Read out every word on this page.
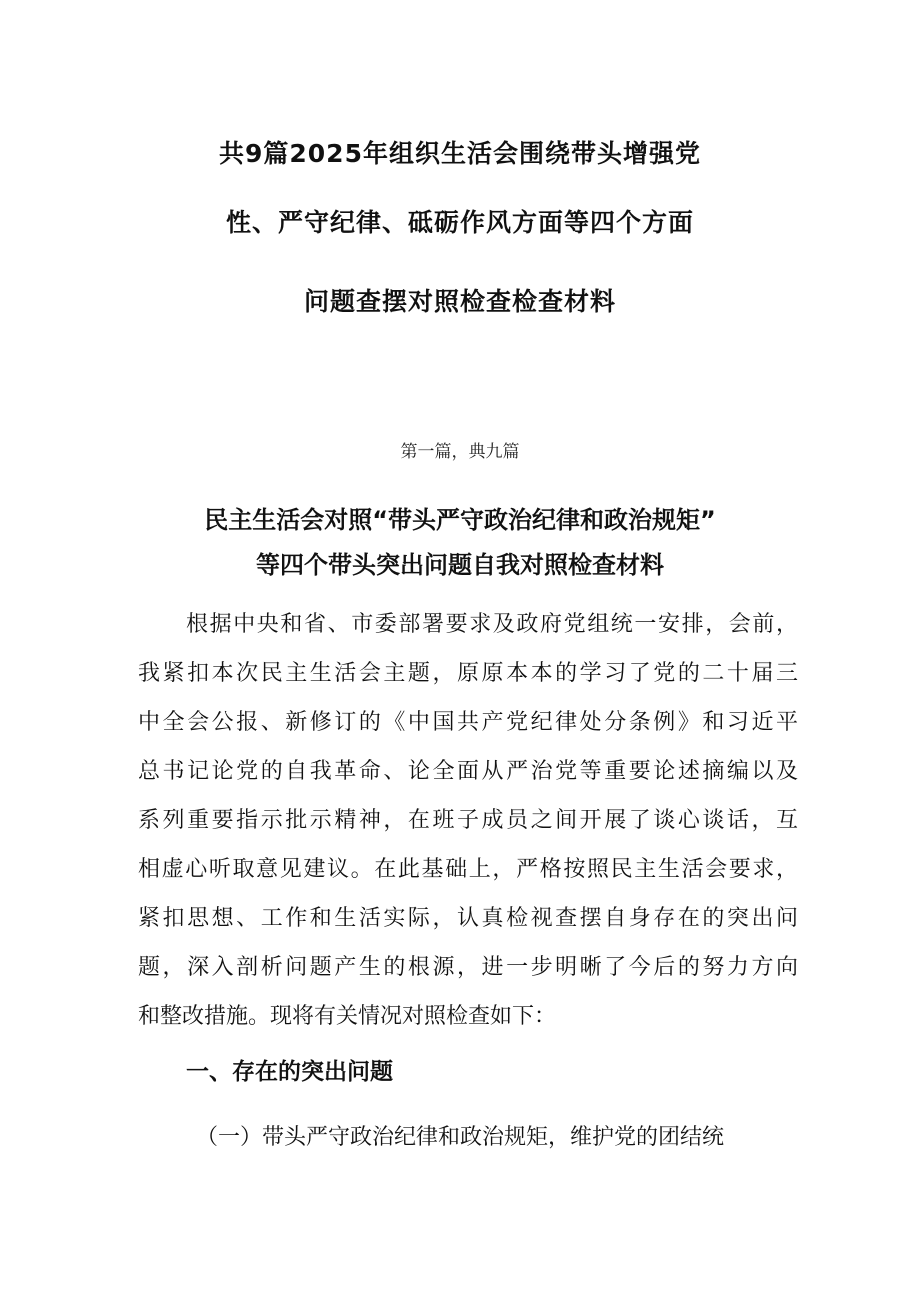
共9篇2025年组织生活会围绕带头增强党
性、严守纪律、砥砺作风方面等四个方面
问题查摆对照检查检查材料

第一篇，典九篇

民主生活会对照“带头严守政治纪律和政治规矩”
等四个带头突出问题自我对照检查材料

根据中央和省、市委部署要求及政府党组统一安排，会前，

我紧扣本次民主生活会主题，原原本本的学习了党的二十届三

中全会公报、新修订的《中国共产党纪律处分条例》和习近平

总书记论党的自我革命、论全面从严治党等重要论述摘编以及

系列重要指示批示精神，在班子成员之间开展了谈心谈话，互

相虚心听取意见建议。在此基础上，严格按照民主生活会要求，

紧扣思想、工作和生活实际，认真检视查摆自身存在的突出问

题，深入剖析问题产生的根源，进一步明晰了今后的努力方向

和整改措施。现将有关情况对照检查如下：

一、存在的突出问题

（一）带头严守政治纪律和政治规矩，维护党的团结统
